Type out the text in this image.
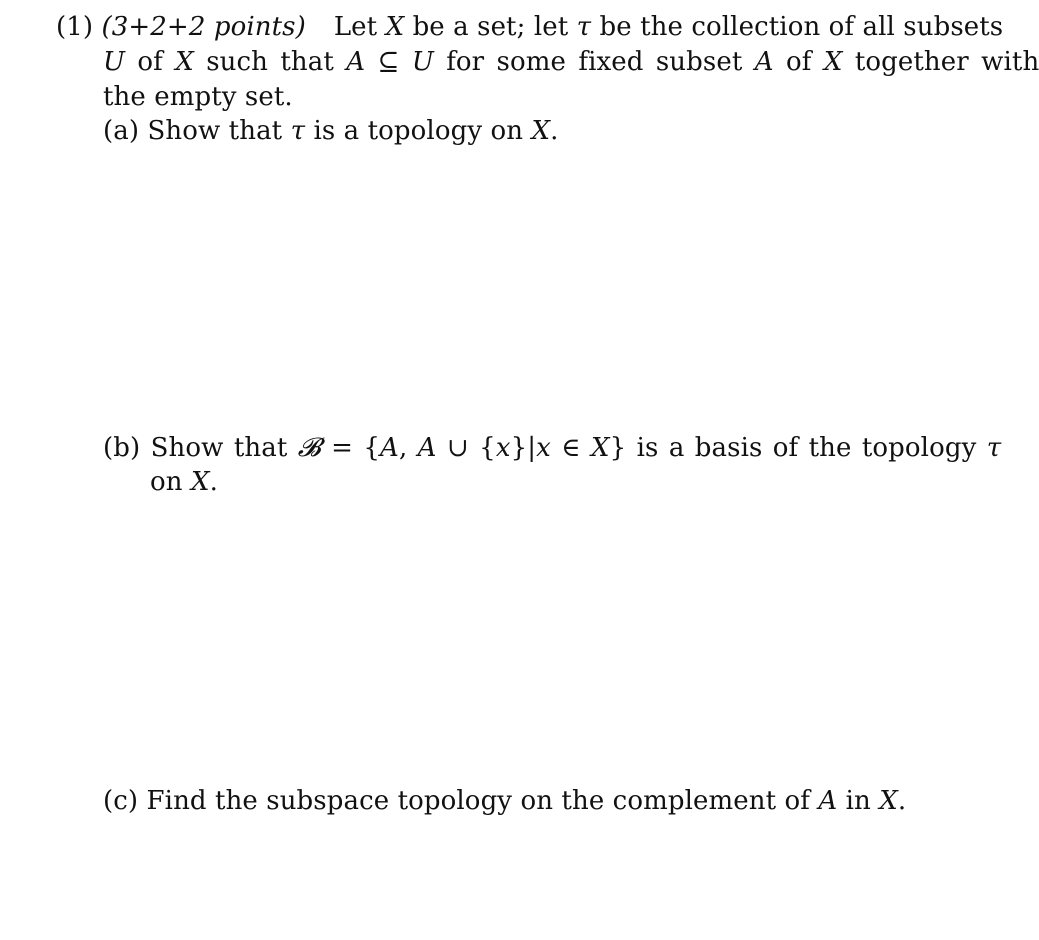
(1) (3+2+2 points) Let X be a set; let τ be the collection of all subsets
U of X such that A ⊆ U for some fixed subset A of X together with
the empty set.
(a) Show that τ is a topology on X.
(b) Show that 𝓑 = {A, A ∪ {x}|x ∈ X} is a basis of the topology τ
on X.
(c) Find the subspace topology on the complement of A in X.
